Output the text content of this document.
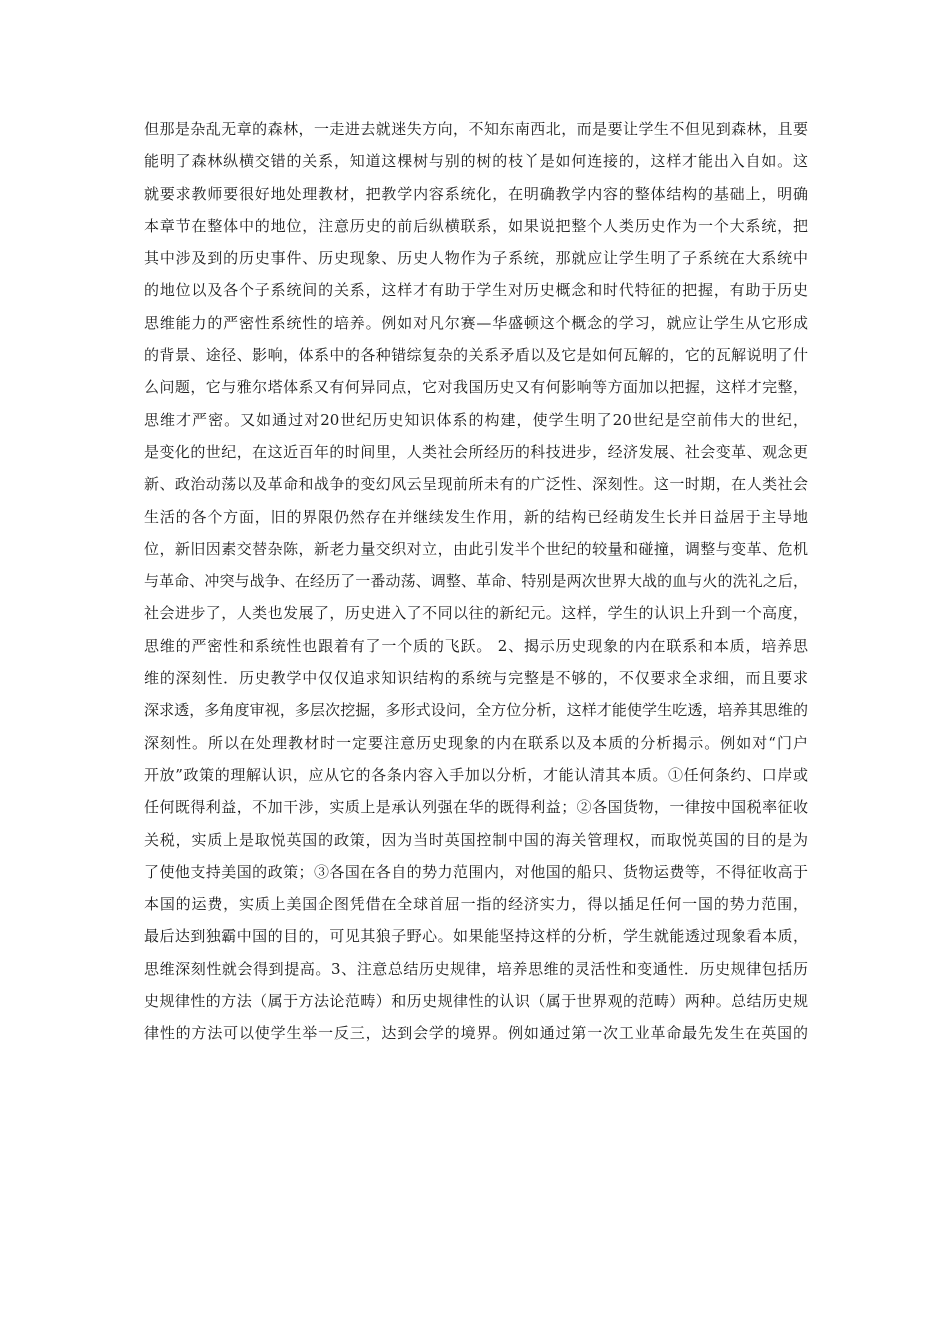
但那是杂乱无章的森林，一走进去就迷失方向，不知东南西北，而是要让学生不但见到森林，且要
能明了森林纵横交错的关系，知道这棵树与别的树的枝丫是如何连接的，这样才能出入自如。这
就要求教师要很好地处理教材，把教学内容系统化，在明确教学内容的整体结构的基础上，明确
本章节在整体中的地位，注意历史的前后纵横联系，如果说把整个人类历史作为一个大系统，把
其中涉及到的历史事件、历史现象、历史人物作为子系统，那就应让学生明了子系统在大系统中
的地位以及各个子系统间的关系，这样才有助于学生对历史概念和时代特征的把握，有助于历史
思维能力的严密性系统性的培养。例如对凡尔赛—华盛顿这个概念的学习，就应让学生从它形成
的背景、途径、影响，体系中的各种错综复杂的关系矛盾以及它是如何瓦解的，它的瓦解说明了什
么问题，它与雅尔塔体系又有何异同点，它对我国历史又有何影响等方面加以把握，这样才完整，
思维才严密。又如通过对20世纪历史知识体系的构建，使学生明了20世纪是空前伟大的世纪，
是变化的世纪，在这近百年的时间里，人类社会所经历的科技进步，经济发展、社会变革、观念更
新、政治动荡以及革命和战争的变幻风云呈现前所未有的广泛性、深刻性。这一时期，在人类社会
生活的各个方面，旧的界限仍然存在并继续发生作用，新的结构已经萌发生长并日益居于主导地
位，新旧因素交替杂陈，新老力量交织对立，由此引发半个世纪的较量和碰撞，调整与变革、危机
与革命、冲突与战争、在经历了一番动荡、调整、革命、特别是两次世界大战的血与火的洗礼之后，
社会进步了，人类也发展了，历史进入了不同以往的新纪元。这样，学生的认识上升到一个高度，
思维的严密性和系统性也跟着有了一个质的飞跃。 2、揭示历史现象的内在联系和本质，培养思
维的深刻性．历史教学中仅仅追求知识结构的系统与完整是不够的，不仅要求全求细，而且要求
深求透，多角度审视，多层次挖掘，多形式设问，全方位分析，这样才能使学生吃透，培养其思维的
深刻性。所以在处理教材时一定要注意历史现象的内在联系以及本质的分析揭示。例如对“门户
开放”政策的理解认识，应从它的各条内容入手加以分析，才能认清其本质。①任何条约、口岸或
任何既得利益，不加干涉，实质上是承认列强在华的既得利益；②各国货物，一律按中国税率征收
关税，实质上是取悦英国的政策，因为当时英国控制中国的海关管理权，而取悦英国的目的是为
了使他支持美国的政策；③各国在各自的势力范围内，对他国的船只、货物运费等，不得征收高于
本国的运费，实质上美国企图凭借在全球首屈一指的经济实力，得以插足任何一国的势力范围，
最后达到独霸中国的目的，可见其狼子野心。如果能坚持这样的分析，学生就能透过现象看本质，
思维深刻性就会得到提高。3、注意总结历史规律，培养思维的灵活性和变通性．历史规律包括历
史规律性的方法（属于方法论范畴）和历史规律性的认识（属于世界观的范畴）两种。总结历史规
律性的方法可以使学生举一反三，达到会学的境界。例如通过第一次工业革命最先发生在英国的
